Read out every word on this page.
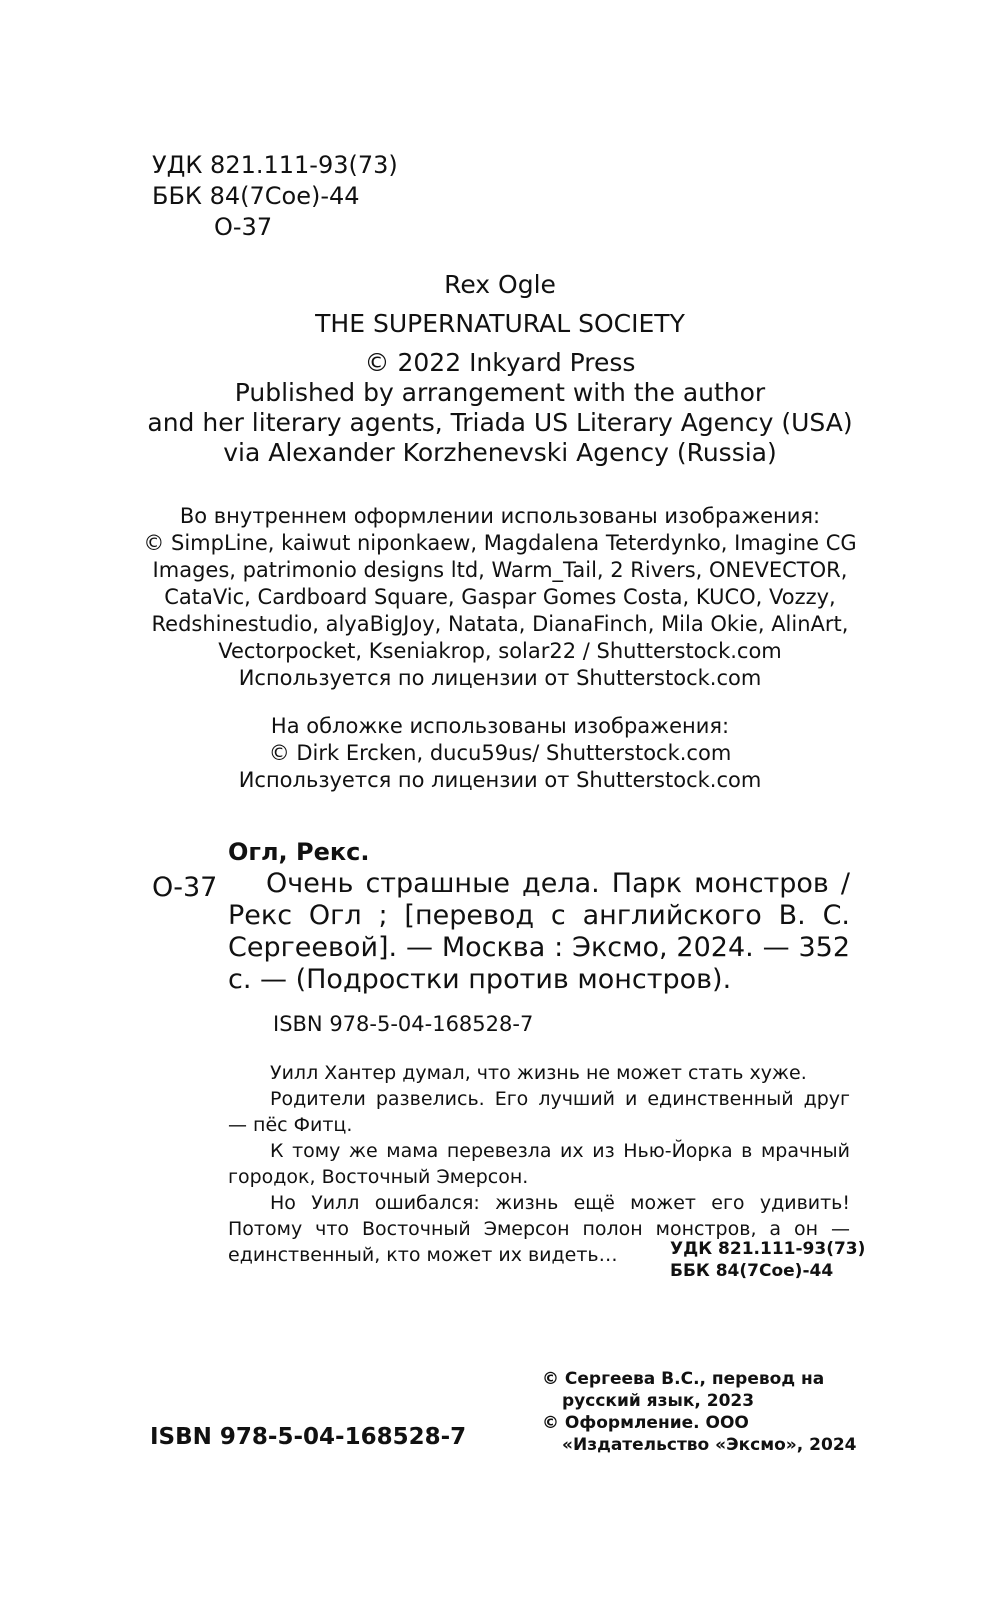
УДК 821.111-93(73)
ББК 84(7Сое)-44
О-37
Rex Ogle
THE SUPERNATURAL SOCIETY
© 2022 Inkyard Press
Published by arrangement with the author
and her literary agents, Triada US Literary Agency (USA)
via Alexander Korzhenevski Agency (Russia)
Во внутреннем оформлении использованы изображения:
© SimpLine, kaiwut niponkaew, Magdalena Teterdynko, Imagine CG
Images, patrimonio designs ltd, Warm_Tail, 2 Rivers, ONEVECTOR,
CataVic, Cardboard Square, Gaspar Gomes Costa, KUCO, Vozzy,
Redshinestudio, alyaBigJoy, Natata, DianaFinch, Mila Okie, AlinArt,
Vectorpocket, Kseniakrop, solar22 / Shutterstock.com
Используется по лицензии от Shutterstock.com
На обложке использованы изображения:
© Dirk Ercken, ducu59us/ Shutterstock.com
Используется по лицензии от Shutterstock.com
Огл, Рекс.
О-37	Очень страшные дела. Парк монстров / Рекс Огл ; [перевод с английского В. С. Сергеевой]. — Москва : Эксмо, 2024. — 352 с. — (Подростки против монстров).
ISBN 978-5-04-168528-7

Уилл Хантер думал, что жизнь не может стать хуже.

Родители развелись. Его лучший и единственный друг — пёс Фитц.

К тому же мама перевезла их из Нью-Йорка в мрачный городок, Восточный Эмерсон.

Но Уилл ошибался: жизнь ещё может его удивить! Потому что Восточный Эмерсон полон монстров, а он — единственный, кто может их видеть…	УДК 821.111-93(73)
ББК 84(7Сое)-44

© Сергеева В.С., перевод на русский язык, 2023

© Оформление. ООО «Издательство «Эксмо», 2024

ISBN 978-5-04-168528-7
